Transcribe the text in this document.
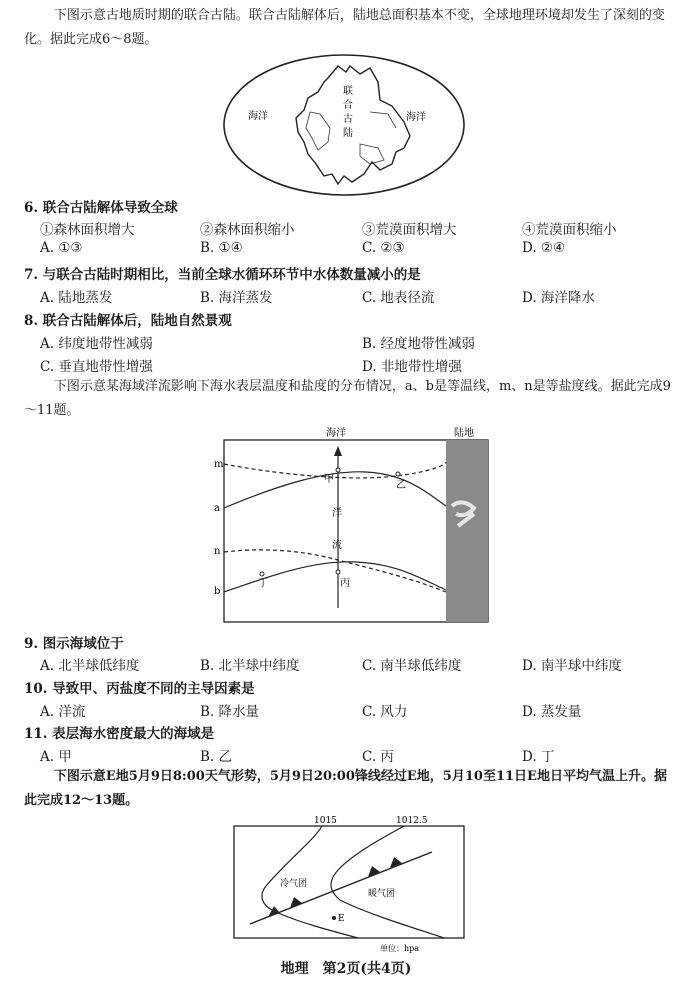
下图示意古地质时期的联合古陆。联合古陆解体后，陆地总面积基本不变，全球地理环境却发生了深刻的变化。据此完成6～8题。
海洋	海洋
联
合
古
陆
6. 联合古陆解体导致全球
①森林面积增大	②森林面积缩小	③荒漠面积增大	④荒漠面积缩小
A. ①③	B. ①④	C. ②③	D. ②④
7. 与联合古陆时期相比，当前全球水循环环节中水体数量减小的是
A. 陆地蒸发	B. 海洋蒸发	C. 地表径流	D. 海洋降水
8. 联合古陆解体后，陆地自然景观
A. 纬度地带性减弱	B. 经度地带性减弱
C. 垂直地带性增强	D. 非地带性增强
下图示意某海域洋流影响下海水表层温度和盐度的分布情况，a、b是等温线，m、n是等盐度线。据此完成9～11题。
海洋	陆地
洋
流
m
a
n
b
甲
乙
丙
丁
9. 图示海域位于
A. 北半球低纬度	B. 北半球中纬度	C. 南半球低纬度	D. 南半球中纬度
10. 导致甲、丙盐度不同的主导因素是
A. 洋流	B. 降水量	C. 风力	D. 蒸发量
11. 表层海水密度最大的海域是
A. 甲	B. 乙	C. 丙	D. 丁
下图示意E地5月9日8:00天气形势，5月9日20:00锋线经过E地，5月10至11日E地日平均气温上升。据此完成12～13题。
1015	1012.5
冷气团
暖气团
E
单位：hpa
地理　第2页(共4页)
